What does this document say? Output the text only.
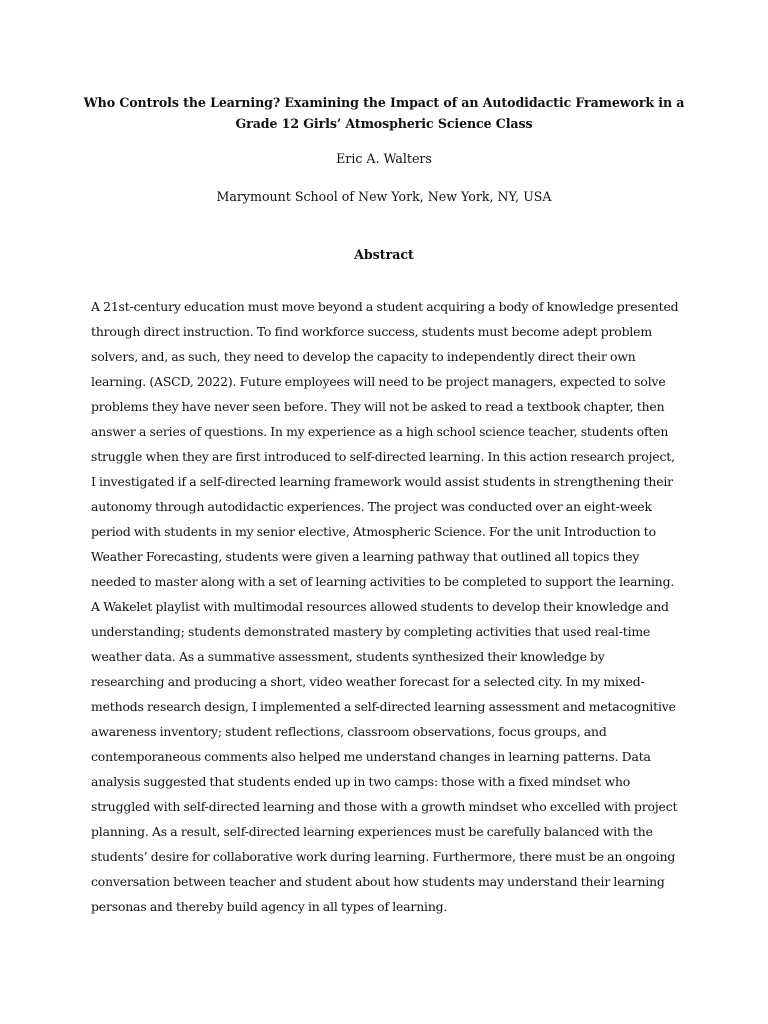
Who Controls the Learning? Examining the Impact of an Autodidactic Framework in a Grade 12 Girls’ Atmospheric Science Class
Eric A. Walters
Marymount School of New York, New York, NY, USA
Abstract

A 21st-century education must move beyond a student acquiring a body of knowledge presented through direct instruction. To find workforce success, students must become adept problem solvers, and, as such, they need to develop the capacity to independently direct their own learning. (ASCD, 2022). Future employees will need to be project managers, expected to solve problems they have never seen before. They will not be asked to read a textbook chapter, then answer a series of questions. In my experience as a high school science teacher, students often struggle when they are first introduced to self-directed learning. In this action research project, I investigated if a self-directed learning framework would assist students in strengthening their autonomy through autodidactic experiences. The project was conducted over an eight-week period with students in my senior elective, Atmospheric Science. For the unit Introduction to Weather Forecasting, students were given a learning pathway that outlined all topics they needed to master along with a set of learning activities to be completed to support the learning. A Wakelet playlist with multimodal resources allowed students to develop their knowledge and understanding; students demonstrated mastery by completing activities that used real-time weather data. As a summative assessment, students synthesized their knowledge by researching and producing a short, video weather forecast for a selected city. In my mixed-methods research design, I implemented a self-directed learning assessment and metacognitive awareness inventory; student reflections, classroom observations, focus groups, and contemporaneous comments also helped me understand changes in learning patterns. Data analysis suggested that students ended up in two camps: those with a fixed mindset who struggled with self-directed learning and those with a growth mindset who excelled with project planning. As a result, self-directed learning experiences must be carefully balanced with the students’ desire for collaborative work during learning. Furthermore, there must be an ongoing conversation between teacher and student about how students may understand their learning personas and thereby build agency in all types of learning.
